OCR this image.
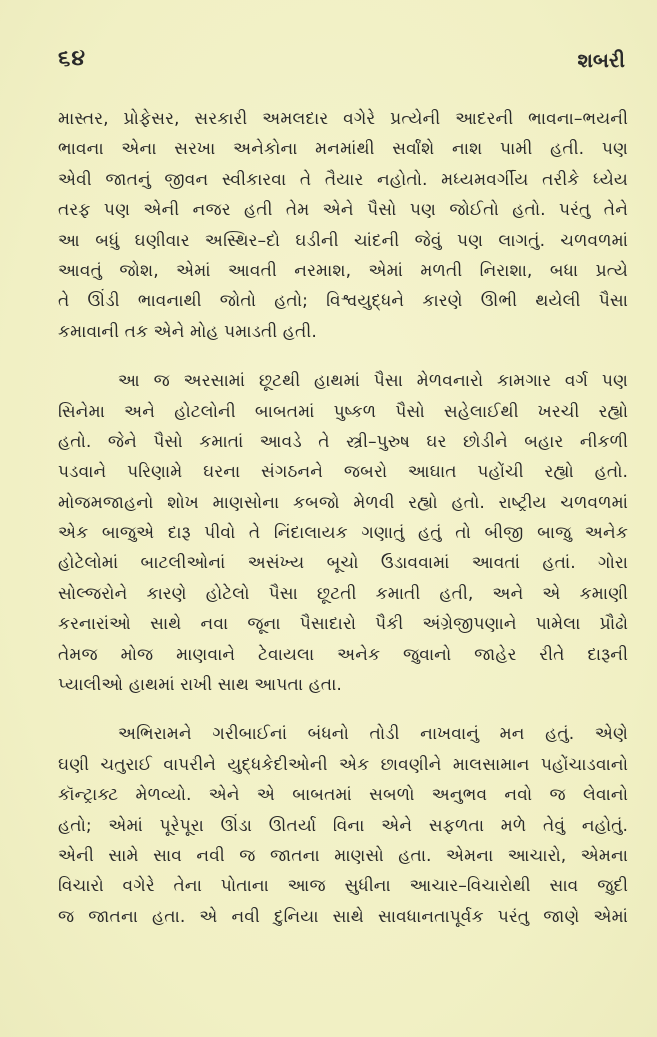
૬૪	શબરી

માસ્તર, પ્રોફેસર, સરકારી અમલદાર વગેરે પ્રત્યેની આદરની ભાવના–ભયની
ભાવના એના સરખા અનેકોના મનમાંથી સર્વાંશે નાશ પામી હતી. પણ
એવી જાતનું જીવન સ્વીકારવા તે તૈયાર નહોતો. મધ્યમવર્ગીય તરીકે ધ્યેય
તરફ પણ એની નજર હતી તેમ એને પૈસો પણ જોઈતો હતો. પરંતુ તેને
આ બધું ઘણીવાર અસ્થિર–દો ઘડીની ચાંદની જેવું પણ લાગતું. ચળવળમાં
આવતું જોશ, એમાં આવતી નરમાશ, એમાં મળતી નિરાશા, બધા પ્રત્યે
તે ઊંડી ભાવનાથી જોતો હતો; વિશ્વયુદ્ધને કારણે ઊભી થયેલી પૈસા
કમાવાની તક એને મોહ પમાડતી હતી.

આ જ અરસામાં છૂટથી હાથમાં પૈસા મેળવનારો કામગાર વર્ગ પણ
સિનેમા અને હોટલોની બાબતમાં પુષ્કળ પૈસો સહેલાઈથી ખરચી રહ્યો
હતો. જેને પૈસો કમાતાં આવડે તે સ્ત્રી–પુરુષ ઘર છોડીને બહાર નીકળી
પડવાને પરિણામે ઘરના સંગઠનને જબરો આઘાત પહોંચી રહ્યો હતો.
મોજમજાહનો શોખ માણસોના કબજો મેળવી રહ્યો હતો. રાષ્ટ્રીય ચળવળમાં
એક બાજુએ દારૂ પીવો તે નિંદાલાયક ગણાતું હતું તો બીજી બાજુ અનેક
હોટેલોમાં બાટલીઓનાં અસંખ્ય બૂચો ઉડાવવામાં આવતાં હતાં. ગોરા
સોલ્જરોને કારણે હોટેલો પૈસા છૂટતી કમાતી હતી, અને એ કમાણી
કરનારાંઓ સાથે નવા જૂના પૈસાદારો પૈકી અંગ્રેજીપણાને પામેલા પ્રૌઢો
તેમજ મોજ માણવાને ટેવાયલા અનેક જુવાનો જાહેર રીતે દારૂની
પ્યાલીઓ હાથમાં રાખી સાથ આપતા હતા.

અભિરામને ગરીબાઈનાં બંધનો તોડી નાખવાનું મન હતું. એણે
ઘણી ચતુરાઈ વાપરીને યુદ્ધકેદીઓની એક છાવણીને માલસામાન પહોંચાડવાનો
કૉન્ટ્રાક્ટ મેળવ્યો. એને એ બાબતમાં સબળો અનુભવ નવો જ લેવાનો
હતો; એમાં પૂરેપૂરા ઊંડા ઊતર્યા વિના એને સફળતા મળે તેવું નહોતું.
એની સામે સાવ નવી જ જાતના માણસો હતા. એમના આચારો, એમના
વિચારો વગેરે તેના પોતાના આજ સુધીના આચાર–વિચારોથી સાવ જુદી
જ જાતના હતા. એ નવી દુનિયા સાથે સાવધાનતાપૂર્વક પરંતુ જાણે એમાં
